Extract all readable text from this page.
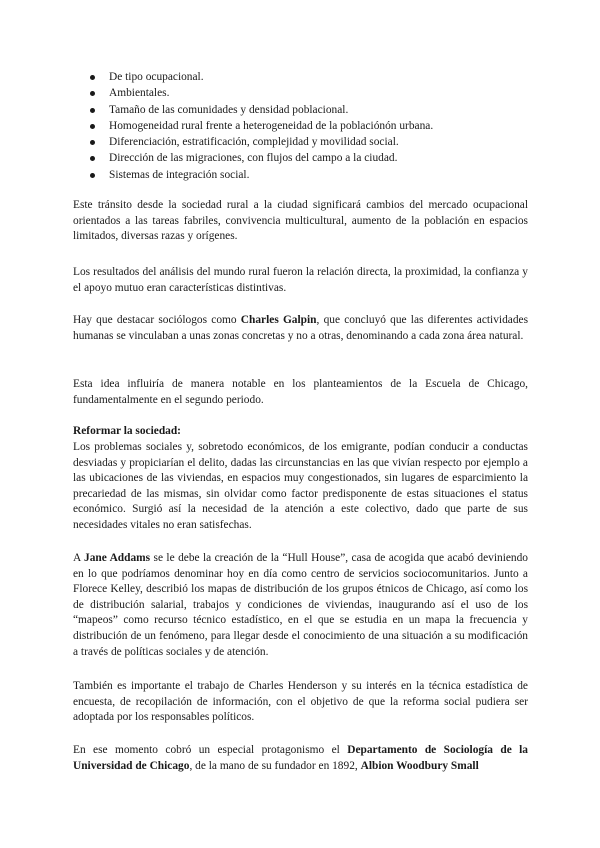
De tipo ocupacional.
Ambientales.
Tamaño de las comunidades y densidad poblacional.
Homogeneidad rural frente a heterogeneidad de la poblaciónón urbana.
Diferenciación, estratificación, complejidad y movilidad social.
Dirección de las migraciones, con flujos del campo a la ciudad.
Sistemas de integración social.

Este tránsito desde la sociedad rural a la ciudad significará cambios del mercado ocupacional orientados a las tareas fabriles, convivencia multicultural, aumento de la población en espacios limitados, diversas razas y orígenes.

Los resultados del análisis del mundo rural fueron la relación directa, la proximidad, la confianza y el apoyo mutuo eran características distintivas.

Hay que destacar sociólogos como Charles Galpin, que concluyó que las diferentes actividades humanas se vinculaban a unas zonas concretas y no a otras, denominando a cada zona área natural.

Esta idea influiría de manera notable en los planteamientos de la Escuela de Chicago, fundamentalmente en el segundo periodo.

Reformar la sociedad:

Los problemas sociales y, sobretodo económicos, de los emigrante, podían conducir a conductas desviadas y propiciarían el delito, dadas las circunstancias en las que vivían respecto por ejemplo a las ubicaciones de las viviendas, en espacios muy congestionados, sin lugares de esparcimiento la precariedad de las mismas, sin olvidar como factor predisponente de estas situaciones el status económico. Surgió así la necesidad de la atención a este colectivo, dado que parte de sus necesidades vitales no eran satisfechas.

A Jane Addams se le debe la creación de la “Hull House”, casa de acogida que acabó deviniendo en lo que podríamos denominar hoy en día como centro de servicios sociocomunitarios. Junto a Florece Kelley, describió los mapas de distribución de los grupos étnicos de Chicago, así como los de distribución salarial, trabajos y condiciones de viviendas, inaugurando así el uso de los “mapeos” como recurso técnico estadístico, en el que se estudia en un mapa la frecuencia y distribución de un fenómeno, para llegar desde el conocimiento de una situación a su modificación a través de políticas sociales y de atención.

También es importante el trabajo de Charles Henderson y su interés en la técnica estadística de encuesta, de recopilación de información, con el objetivo de que la reforma social pudiera ser adoptada por los responsables políticos.

En ese momento cobró un especial protagonismo el Departamento de Sociología de la Universidad de Chicago, de la mano de su fundador en 1892, Albion Woodbury Small
